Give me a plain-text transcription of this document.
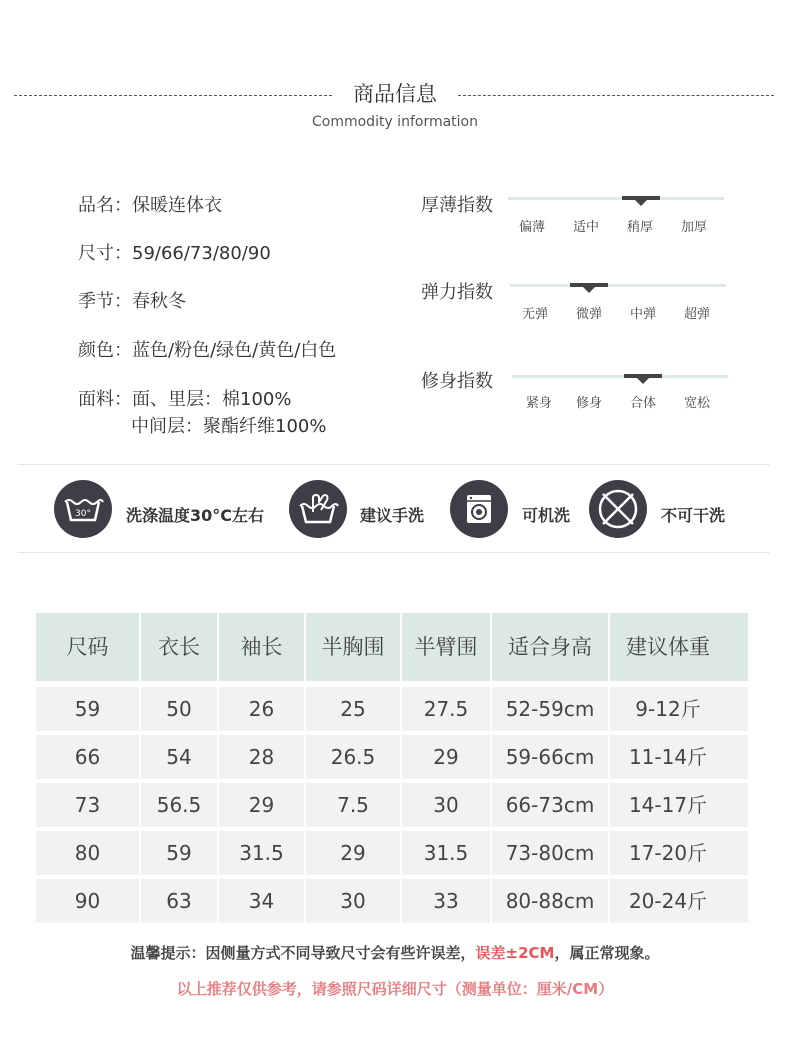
商品信息
Commodity information
品名：保暖连体衣
尺寸：59/66/73/80/90
季节：春秋冬
颜色：蓝色/粉色/绿色/黄色/白色
面料：面、里层：棉100%
中间层：聚酯纤维100%
厚薄指数
偏薄	适中	稍厚	加厚
弹力指数
无弹	微弹	中弹	超弹
修身指数
紧身	修身	合体	宽松
30° 洗涤温度30°C左右	建议手洗	可机洗	不可干洗
尺码	衣长	袖长	半胸围	半臂围	适合身高	建议体重
59	50	26	25	27.5	52-59cm	9-12斤
66	54	28	26.5	29	59-66cm	11-14斤
73	56.5	29	7.5	30	66-73cm	14-17斤
80	59	31.5	29	31.5	73-80cm	17-20斤
90	63	34	30	33	80-88cm	20-24斤
温馨提示：因侧量方式不同导致尺寸会有些许误差，误差±2CM，属正常现象。
以上推荐仅供参考，请参照尺码详细尺寸（测量单位：厘米/CM）
